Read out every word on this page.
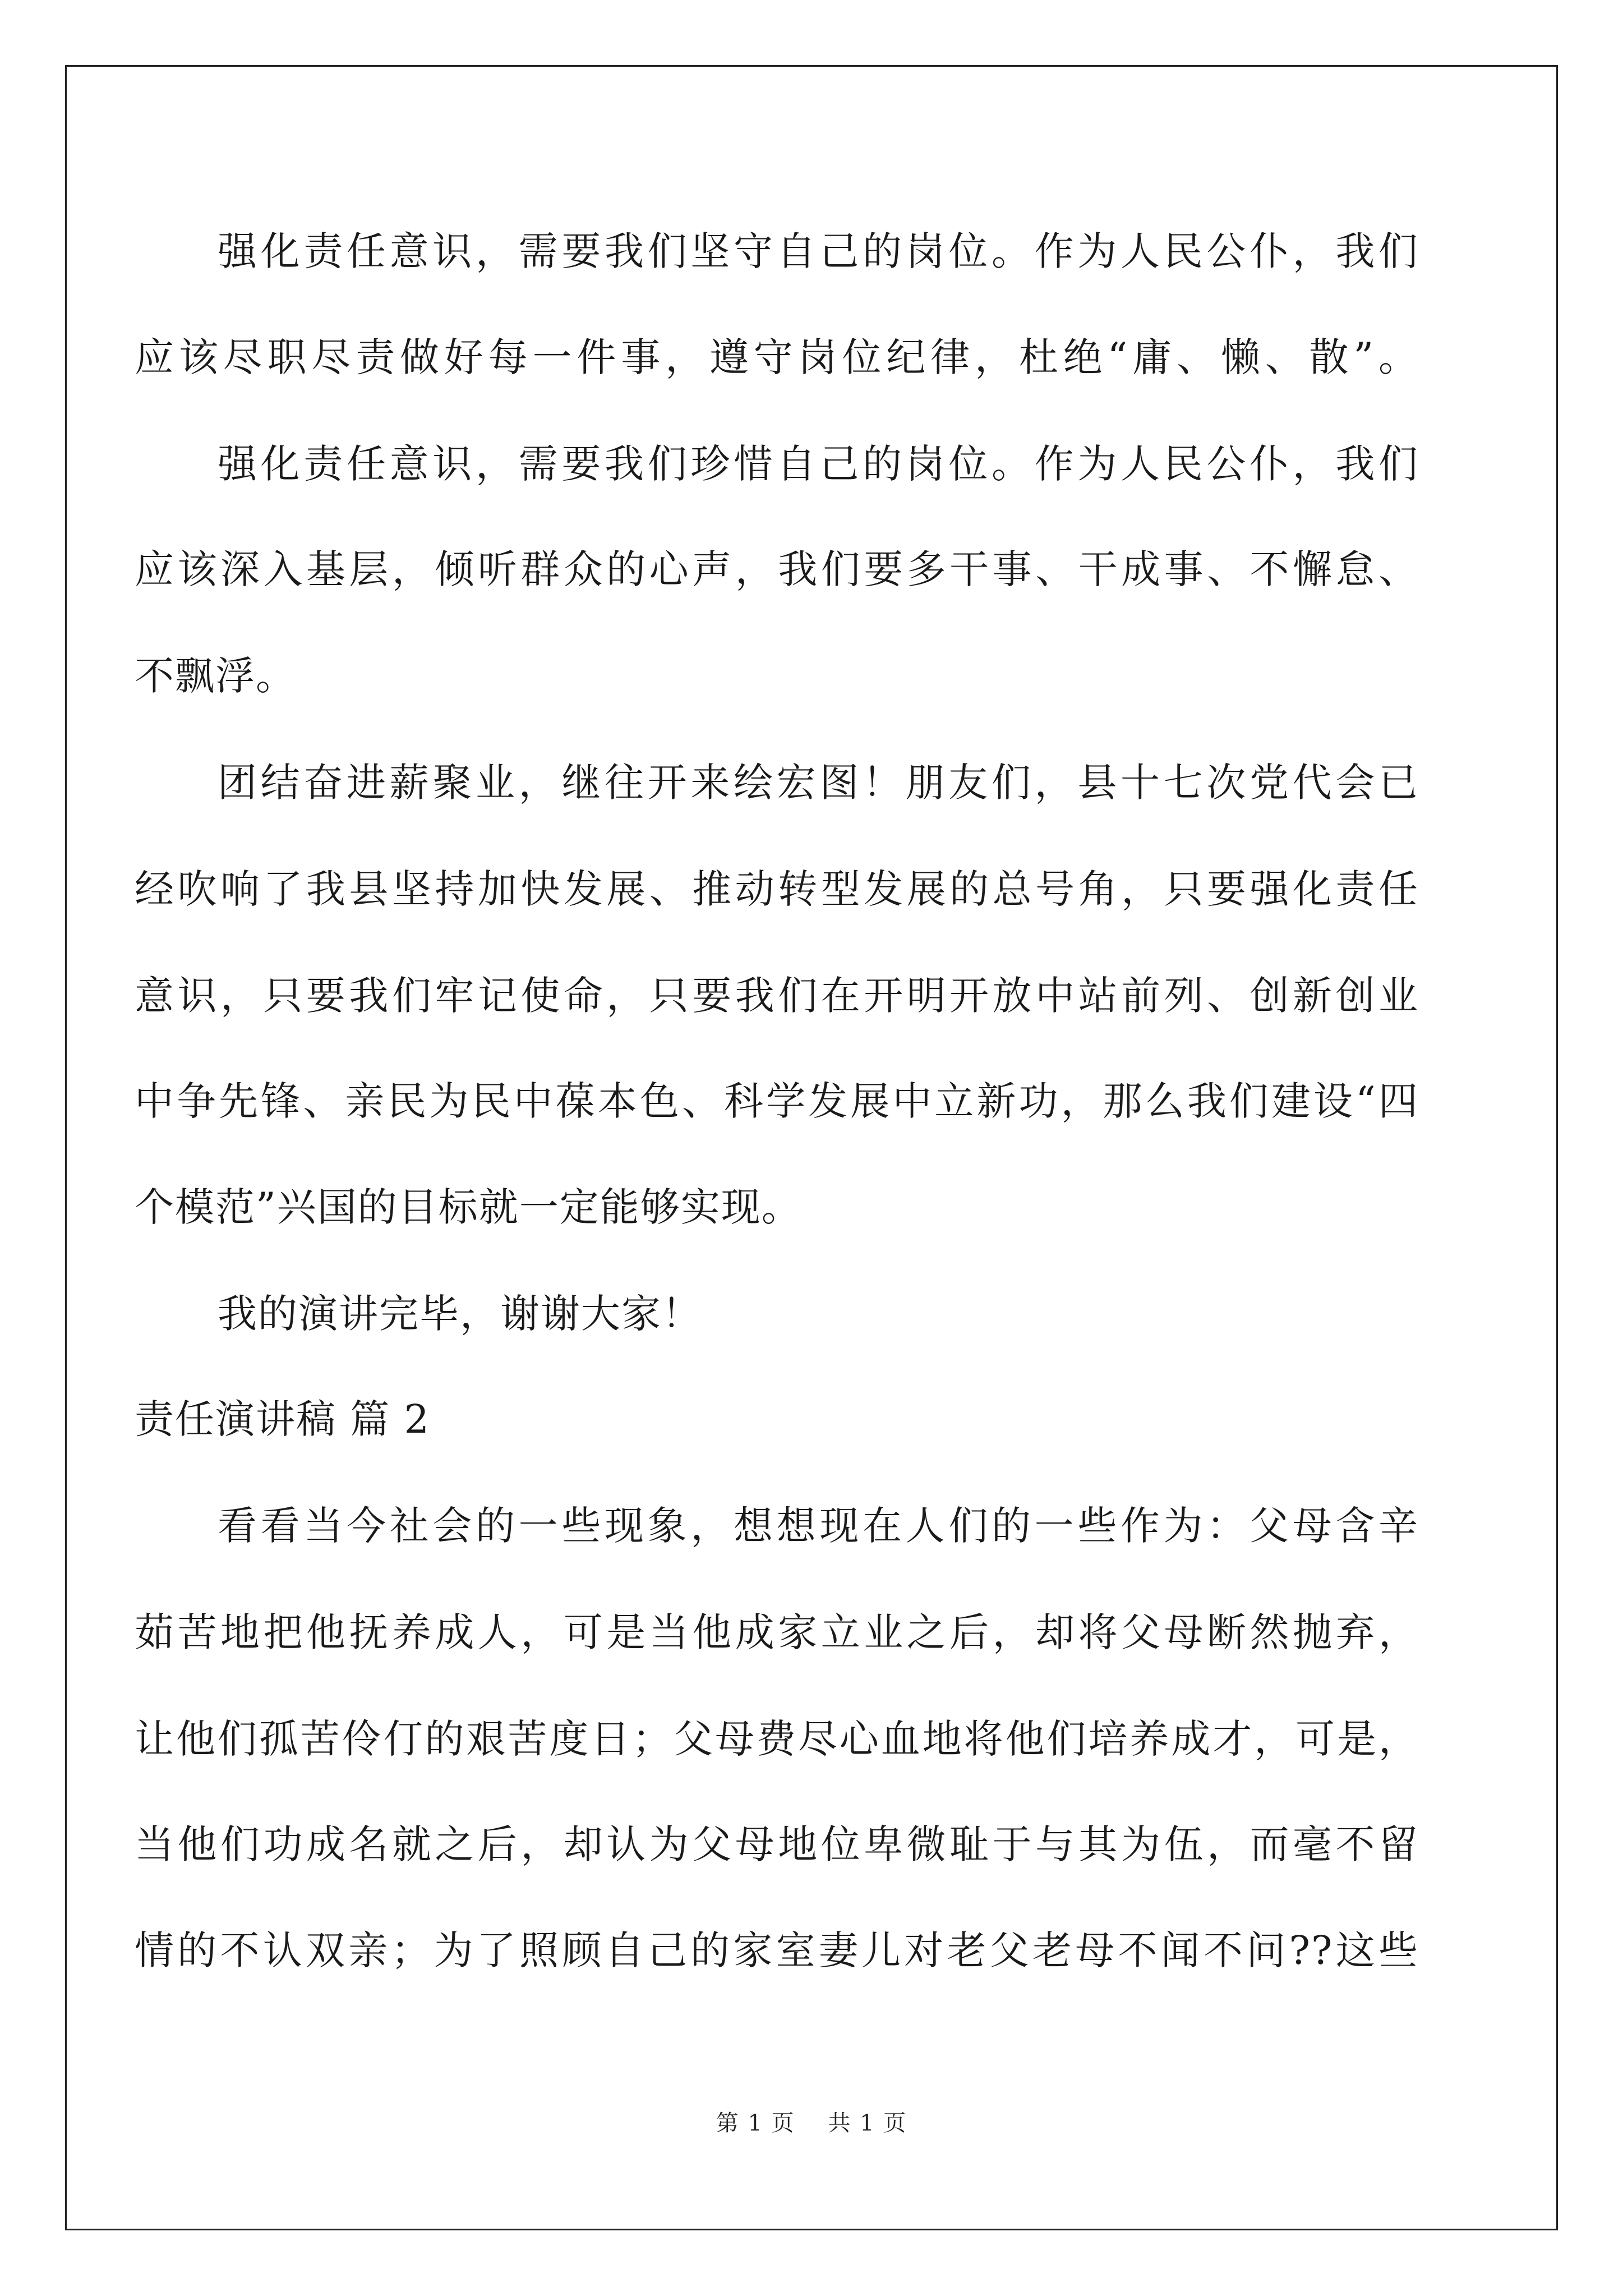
强化责任意识，需要我们坚守自己的岗位。作为人民公仆，我们
应该尽职尽责做好每一件事，遵守岗位纪律，杜绝“庸、懒、散”。
强化责任意识，需要我们珍惜自己的岗位。作为人民公仆，我们
应该深入基层，倾听群众的心声，我们要多干事、干成事、不懈怠、
不飘浮。
团结奋进薪聚业，继往开来绘宏图！朋友们，县十七次党代会已
经吹响了我县坚持加快发展、推动转型发展的总号角，只要强化责任
意识，只要我们牢记使命，只要我们在开明开放中站前列、创新创业
中争先锋、亲民为民中葆本色、科学发展中立新功，那么我们建设“四
个模范”兴国的目标就一定能够实现。
我的演讲完毕，谢谢大家！
责任演讲稿 篇 2
看看当今社会的一些现象，想想现在人们的一些作为：父母含辛
茹苦地把他抚养成人，可是当他成家立业之后，却将父母断然抛弃，
让他们孤苦伶仃的艰苦度日；父母费尽心血地将他们培养成才，可是，
当他们功成名就之后，却认为父母地位卑微耻于与其为伍，而毫不留
情的不认双亲；为了照顾自己的家室妻儿对老父老母不闻不问??这些
第 1 页 共 1 页
